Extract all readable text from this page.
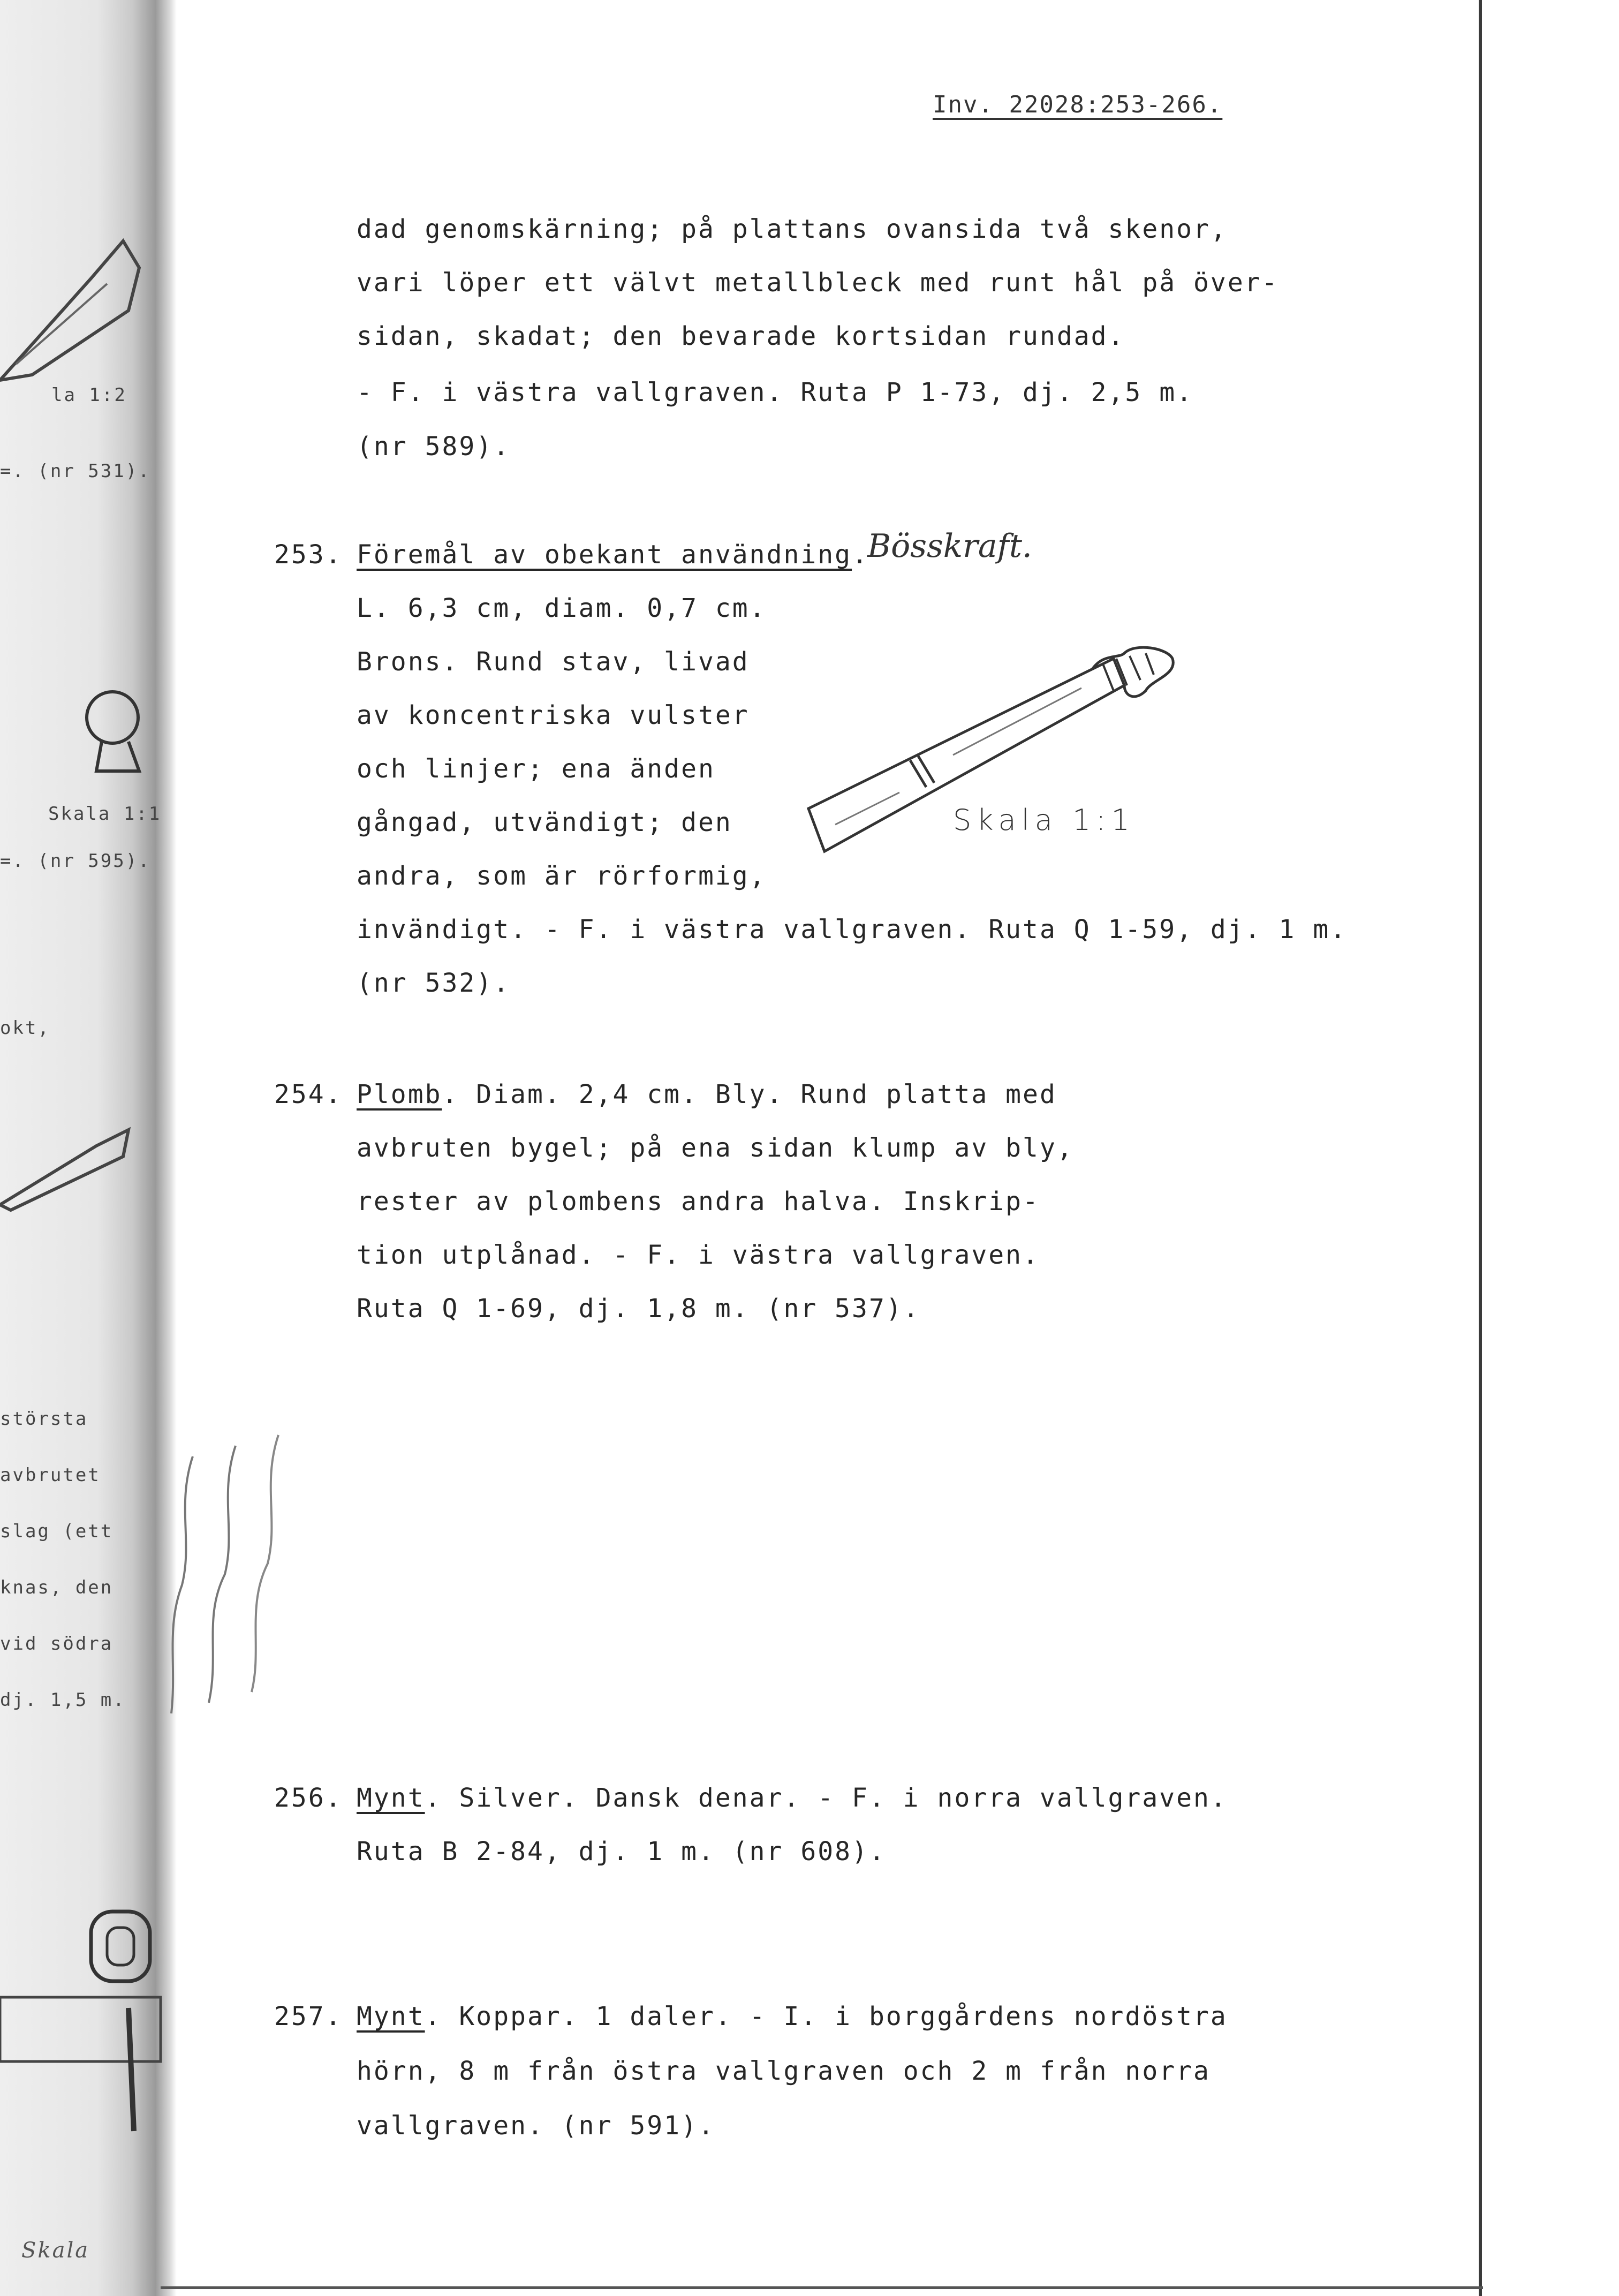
la 1:2
=. (nr 531).
Skala 1:1
=. (nr 595).
okt,
största
avbrutet
slag (ett
knas, den
vid södra
dj. 1,5 m.
Skala
Inv. 22028:253-266.
dad genomskärning; på plattans ovansida två skenor,
vari löper ett välvt metallbleck med runt hål på över-
sidan, skadat; den bevarade kortsidan rundad.
- F. i västra vallgraven. Ruta P 1-73, dj. 2,5 m.
(nr 589).
253. Föremål av obekant användning.
Bösskraft.
L. 6,3 cm, diam. 0,7 cm.
Brons. Rund stav, livad
av koncentriska vulster
och linjer; ena änden
gångad, utvändigt; den
andra, som är rörformig,
invändigt. - F. i västra vallgraven. Ruta Q 1-59, dj. 1 m.
(nr 532).
Skala 1:1
254. Plomb. Diam. 2,4 cm. Bly. Rund platta med
avbruten bygel; på ena sidan klump av bly,
rester av plombens andra halva. Inskrip-
tion utplånad. - F. i västra vallgraven.
Ruta Q 1-69, dj. 1,8 m. (nr 537).
256. Mynt. Silver. Dansk denar. - F. i norra vallgraven.
Ruta B 2-84, dj. 1 m. (nr 608).
257. Mynt. Koppar. 1 daler. - I. i borggårdens nordöstra
hörn, 8 m från östra vallgraven och 2 m från norra
vallgraven. (nr 591).
